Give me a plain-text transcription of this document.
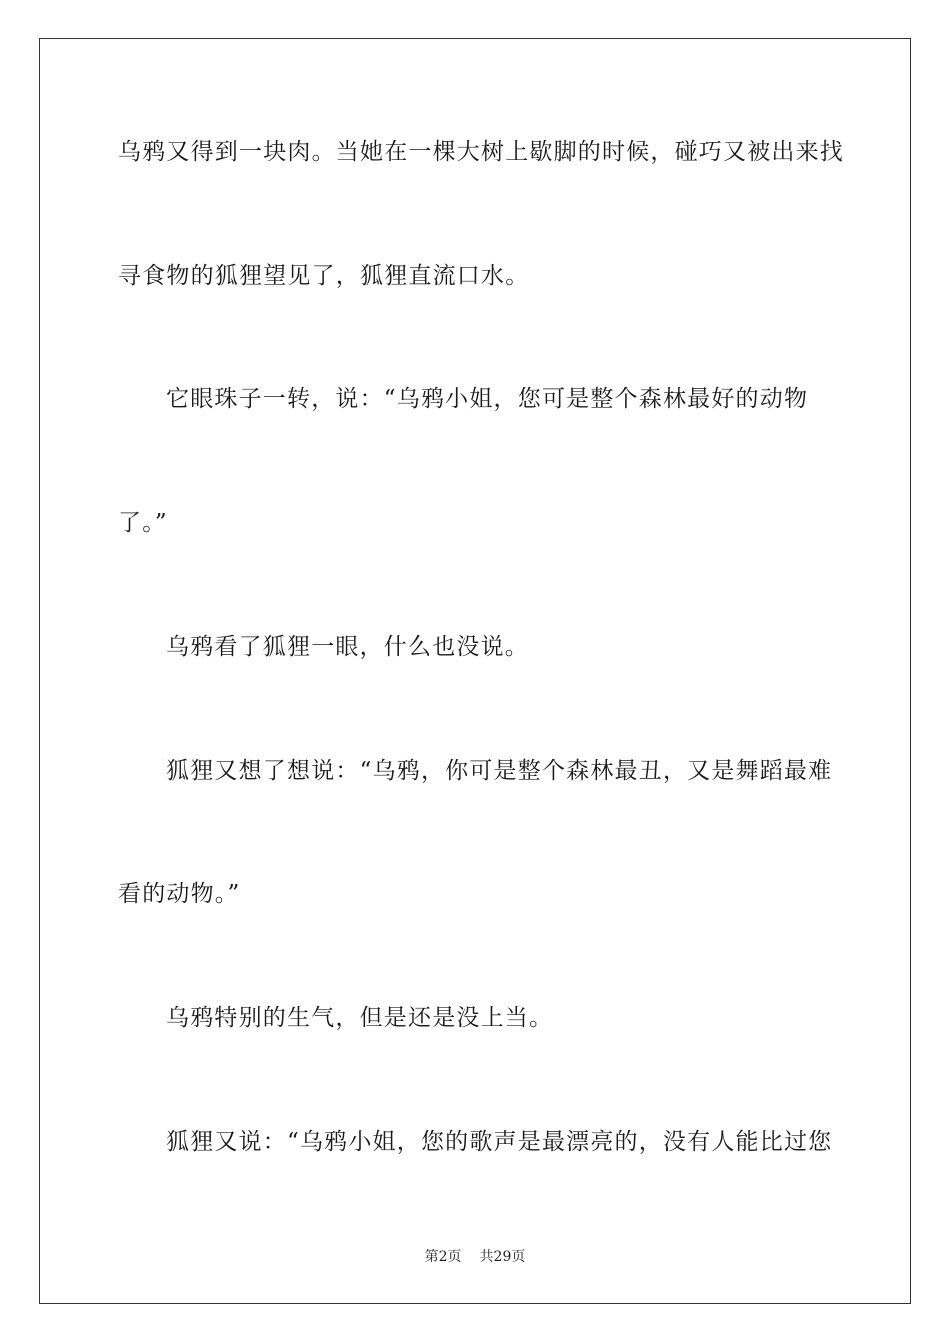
乌鸦又得到一块肉。当她在一棵大树上歇脚的时候，碰巧又被出来找
寻食物的狐狸望见了，狐狸直流口水。
它眼珠子一转，说：“乌鸦小姐，您可是整个森林最好的动物
了。”
乌鸦看了狐狸一眼，什么也没说。
狐狸又想了想说：“乌鸦，你可是整个森林最丑，又是舞蹈最难
看的动物。”
乌鸦特别的生气，但是还是没上当。
狐狸又说：“乌鸦小姐，您的歌声是最漂亮的，没有人能比过您
第2页 共29页
